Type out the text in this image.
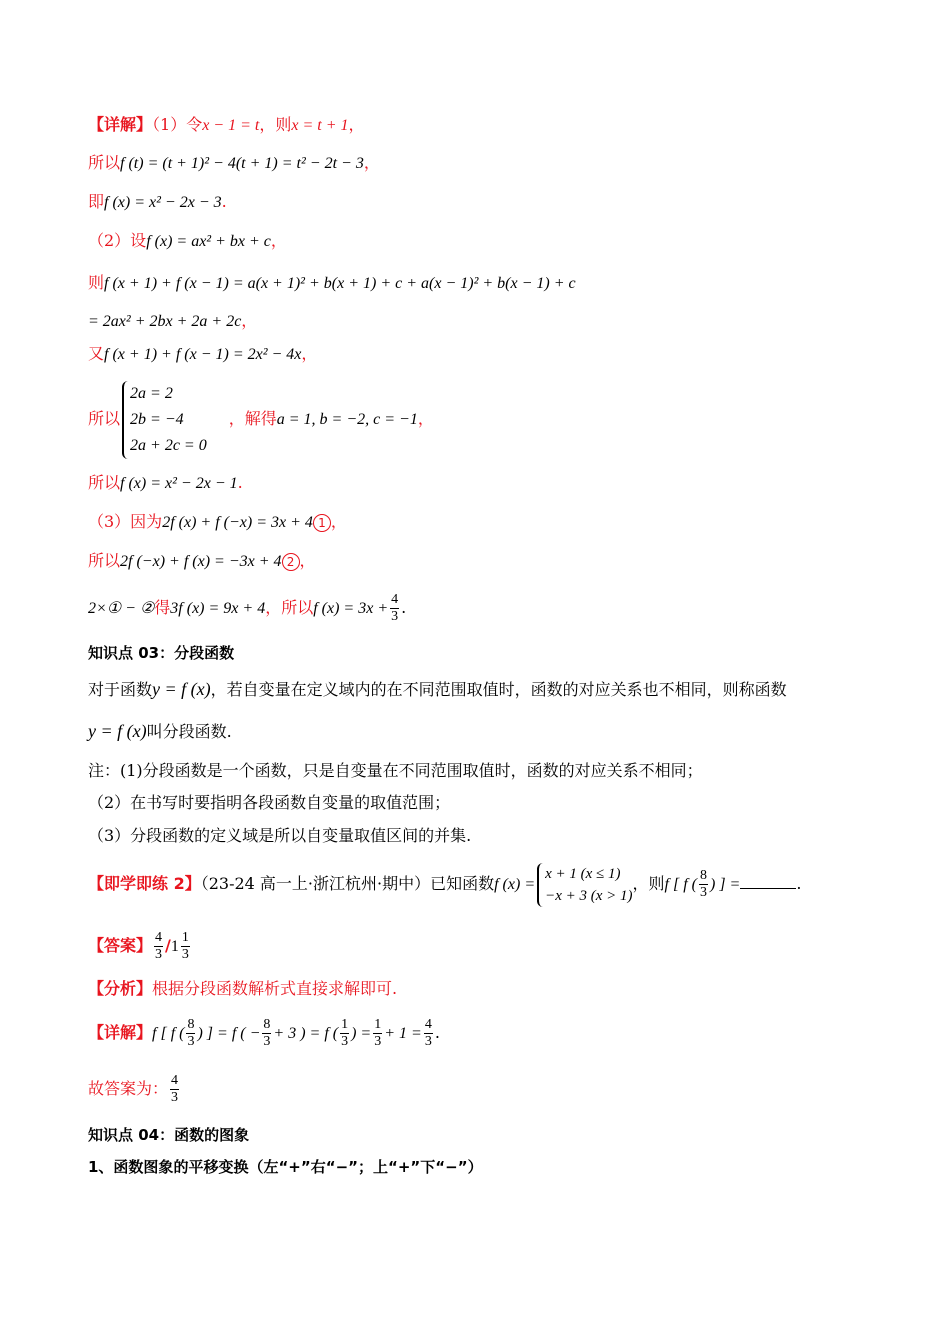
【详解】（1）令x − 1 = t，则x = t + 1，
所以f (t) = (t + 1)² − 4(t + 1) = t² − 2t − 3，
即f (x) = x² − 2x − 3.
（2）设f (x) = ax² + bx + c，
则f (x + 1) + f (x − 1) = a(x + 1)² + b(x + 1) + c + a(x − 1)² + b(x − 1) + c
= 2ax² + 2bx + 2a + 2c，
又f (x + 1) + f (x − 1) = 2x² − 4x，
所以
2a = 2
2b = −4
2a + 2c = 0
，解得a = 1, b = −2, c = −1，
所以f (x) = x² − 2x − 1.
（3）因为2f (x) + f (−x) = 3x + 4 1 ，
所以2f (−x) + f (x) = −3x + 4 2 ，
2×① − ②得3f (x) = 9x + 4，所以f $(x) = 3x + \frac{4}{3}$ .
知识点 03：分段函数
对于函数y = f (x)，若自变量在定义域内的在不同范围取值时，函数的对应关系也不相同，则称函数
y = f (x)叫分段函数.
注：(1)分段函数是一个函数，只是自变量在不同范围取值时，函数的对应关系不相同；
（2）在书写时要指明各段函数自变量的取值范围；
（3）分段函数的定义域是所以自变量取值区间的并集.
【即学即练 2】（23-24 高一上·浙江杭州·期中）已知函数f (x) =
x + 1 (x ≤ 1)
−x + 3 (x > 1)
，则f [ f ( $\frac{8}{3}$ ) ] =	.
【答案】 $\frac{4}{3} /1 \frac{1}{3}$
【分析】根据分段函数解析式直接求解即可.
【详解】f [ f ( $\frac{8}{3}$ ) ] = f ( − $\frac{8}{3} + 3$ ) = f ( $\frac{1}{3}$ ) = $\frac{1}{3} + 1 = \frac{4}{3}$ .
故答案为： $\frac{4}{3}$
知识点 04：函数的图象
1、函数图象的平移变换（左“+”右“−”；上“+”下“−”）
